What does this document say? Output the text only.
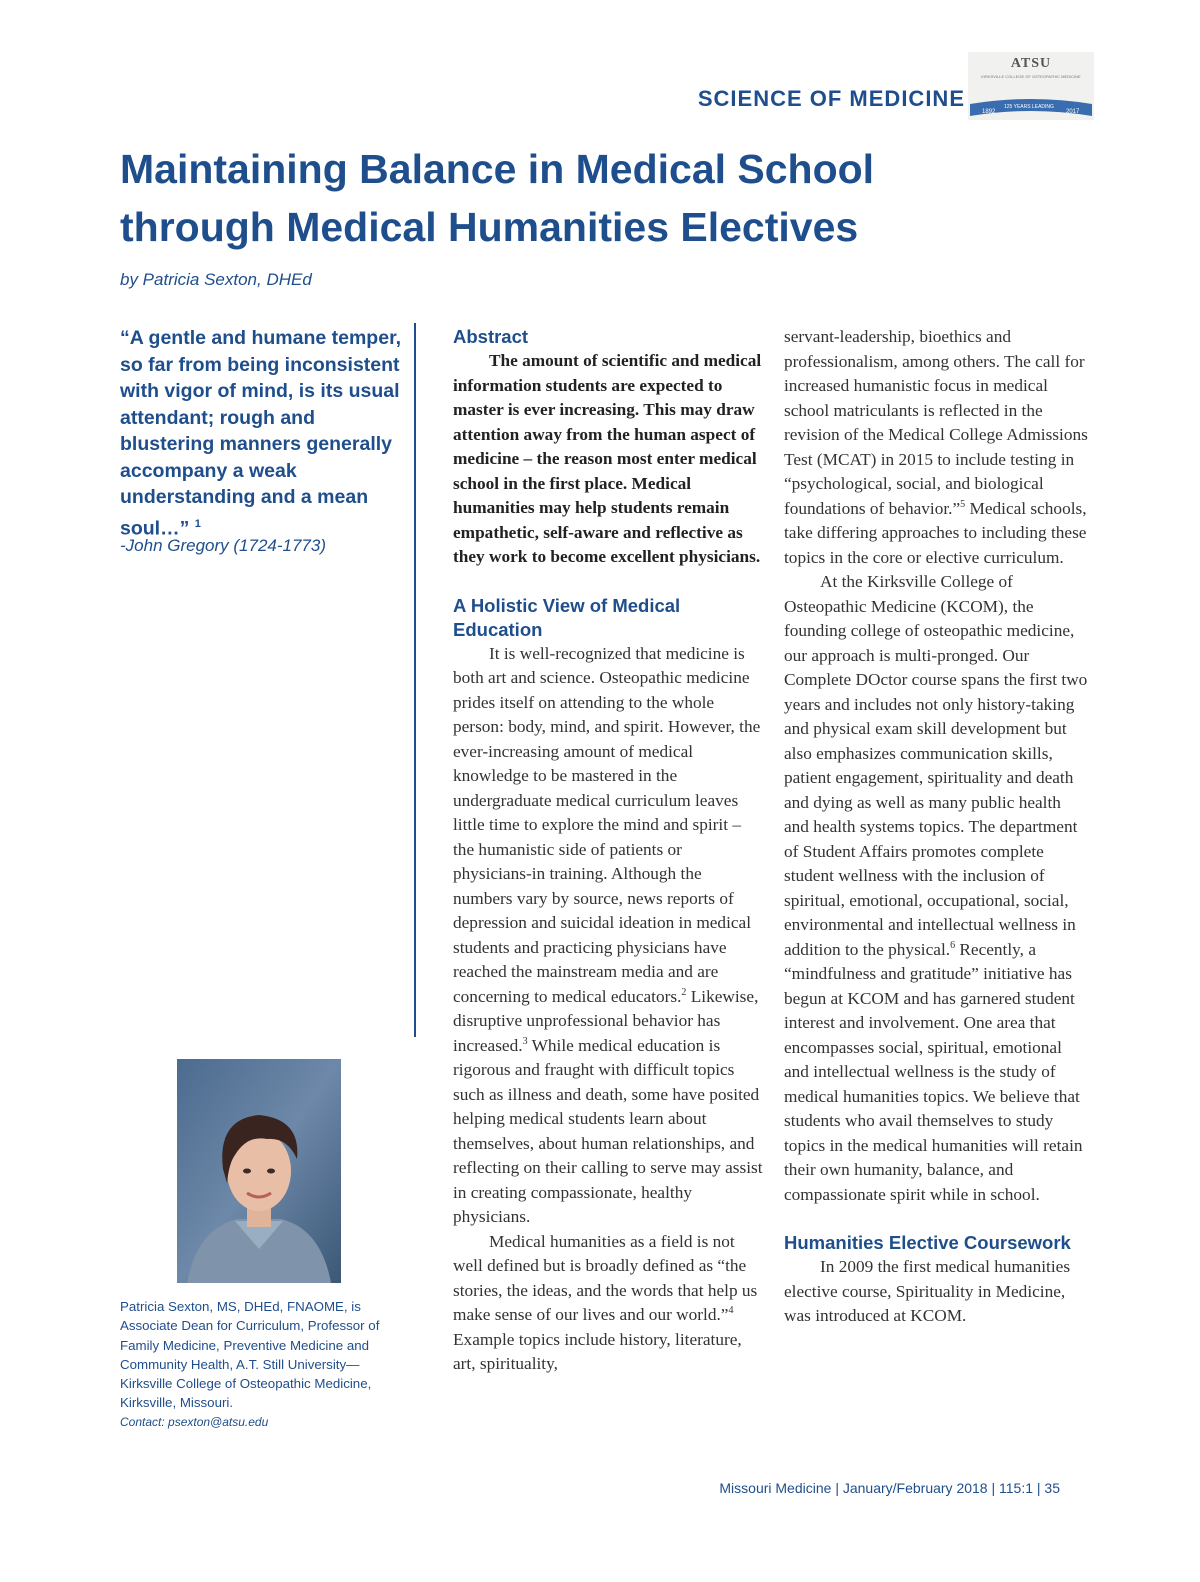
SCIENCE OF MEDICINE
ATSU
KIRKSVILLE COLLEGE OF OSTEOPATHIC MEDICINE
1892
125 YEARS LEADING
2017
Maintaining Balance in Medical School
through Medical Humanities Electives
by Patricia Sexton, DHEd
“A gentle and humane temper, so far from being inconsistent with vigor of mind, is its usual attendant; rough and blustering manners generally accompany a weak understanding and a mean soul…” $^1$
-John Gregory (1724-1773)
Patricia Sexton, MS, DHEd, FNAOME, is Associate Dean for Curriculum, Professor of Family Medicine, Preventive Medicine and Community Health, A.T. Still University—Kirksville College of Osteopathic Medicine, Kirksville, Missouri.
Contact: psexton@atsu.edu
Abstract
The amount of scientific and medical information students are expected to master is ever increasing. This may draw attention away from the human aspect of medicine – the reason most enter medical school in the first place. Medical humanities may help students remain empathetic, self-aware and reflective as they work to become excellent physicians.
A Holistic View of Medical Education
It is well-recognized that medicine is both art and science. Osteopathic medicine prides itself on attending to the whole person: body, mind, and spirit. However, the ever-increasing amount of medical knowledge to be mastered in the undergraduate medical curriculum leaves little time to explore the mind and spirit – the humanistic side of patients or physicians-in training. Although the numbers vary by source, news reports of depression and suicidal ideation in medical students and practicing physicians have reached the mainstream media and are concerning to medical educators.$^2$ Likewise, disruptive unprofessional behavior has increased.$^3$ While medical education is rigorous and fraught with difficult topics such as illness and death, some have posited helping medical students learn about themselves, about human relationships, and reflecting on their calling to serve may assist in creating compassionate, healthy physicians.
Medical humanities as a field is not well defined but is broadly defined as “the stories, the ideas, and the words that help us make sense of our lives and our world.”$^4$ Example topics include history, literature, art, spirituality,
servant-leadership, bioethics and professionalism, among others. The call for increased humanistic focus in medical school matriculants is reflected in the revision of the Medical College Admissions Test (MCAT) in 2015 to include testing in “psychological, social, and biological foundations of behavior.”$^5$ Medical schools, take differing approaches to including these topics in the core or elective curriculum.
At the Kirksville College of Osteopathic Medicine (KCOM), the founding college of osteopathic medicine, our approach is multi-pronged. Our Complete DOctor course spans the first two years and includes not only history-taking and physical exam skill development but also emphasizes communication skills, patient engagement, spirituality and death and dying as well as many public health and health systems topics. The department of Student Affairs promotes complete student wellness with the inclusion of spiritual, emotional, occupational, social, environmental and intellectual wellness in addition to the physical.$^6$ Recently, a “mindfulness and gratitude” initiative has begun at KCOM and has garnered student interest and involvement. One area that encompasses social, spiritual, emotional and intellectual wellness is the study of medical humanities topics. We believe that students who avail themselves to study topics in the medical humanities will retain their own humanity, balance, and compassionate spirit while in school.
Humanities Elective Coursework
In 2009 the first medical humanities elective course, Spirituality in Medicine, was introduced at KCOM.
Missouri Medicine | January/February 2018 | 115:1 | 35
